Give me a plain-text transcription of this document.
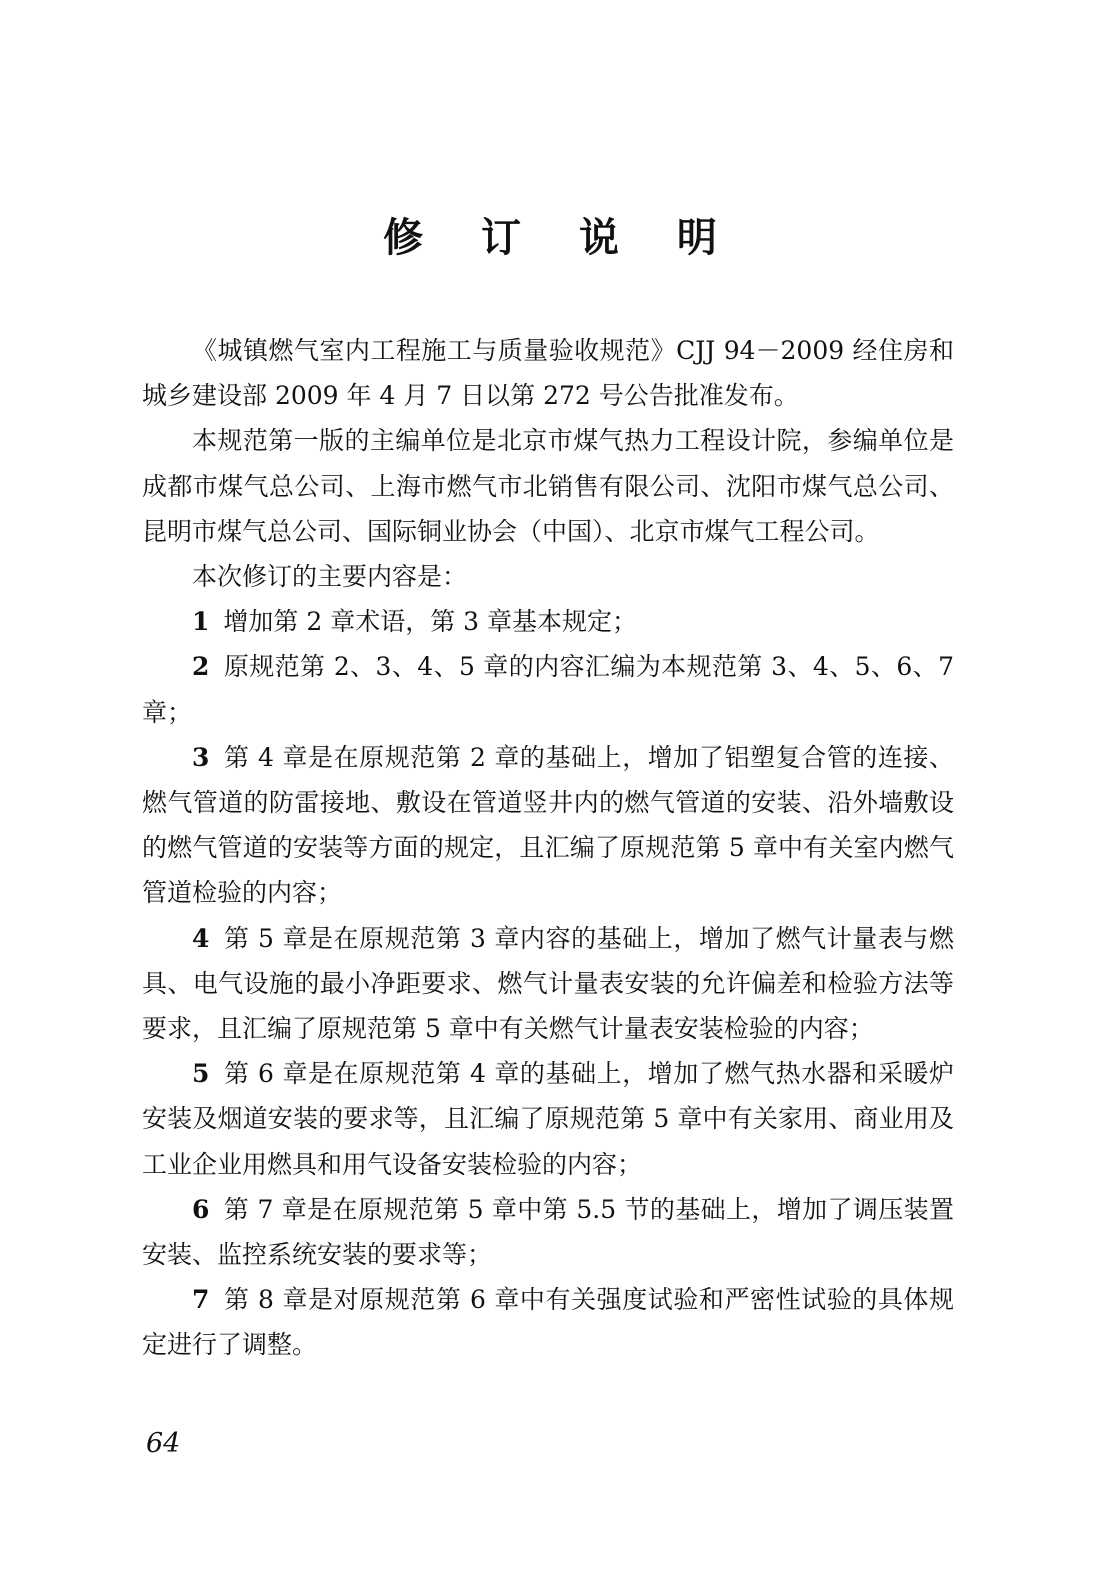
修 订 说 明

《城镇燃气室内工程施工与质量验收规范》CJJ 94－2009 经住房和城乡建设部 2009 年 4 月 7 日以第 272 号公告批准发布。

本规范第一版的主编单位是北京市煤气热力工程设计院，参编单位是成都市煤气总公司、上海市燃气市北销售有限公司、沈阳市煤气总公司、昆明市煤气总公司、国际铜业协会（中国）、北京市煤气工程公司。

本次修订的主要内容是：

1 增加第 2 章术语，第 3 章基本规定；

2 原规范第 2、3、4、5 章的内容汇编为本规范第 3、4、5、6、7 章；

3 第 4 章是在原规范第 2 章的基础上，增加了铝塑复合管的连接、燃气管道的防雷接地、敷设在管道竖井内的燃气管道的安装、沿外墙敷设的燃气管道的安装等方面的规定，且汇编了原规范第 5 章中有关室内燃气管道检验的内容；

4 第 5 章是在原规范第 3 章内容的基础上，增加了燃气计量表与燃具、电气设施的最小净距要求、燃气计量表安装的允许偏差和检验方法等要求，且汇编了原规范第 5 章中有关燃气计量表安装检验的内容；

5 第 6 章是在原规范第 4 章的基础上，增加了燃气热水器和采暖炉安装及烟道安装的要求等，且汇编了原规范第 5 章中有关家用、商业用及工业企业用燃具和用气设备安装检验的内容；

6 第 7 章是在原规范第 5 章中第 5.5 节的基础上，增加了调压装置安装、监控系统安装的要求等；

7 第 8 章是对原规范第 6 章中有关强度试验和严密性试验的具体规定进行了调整。

64
